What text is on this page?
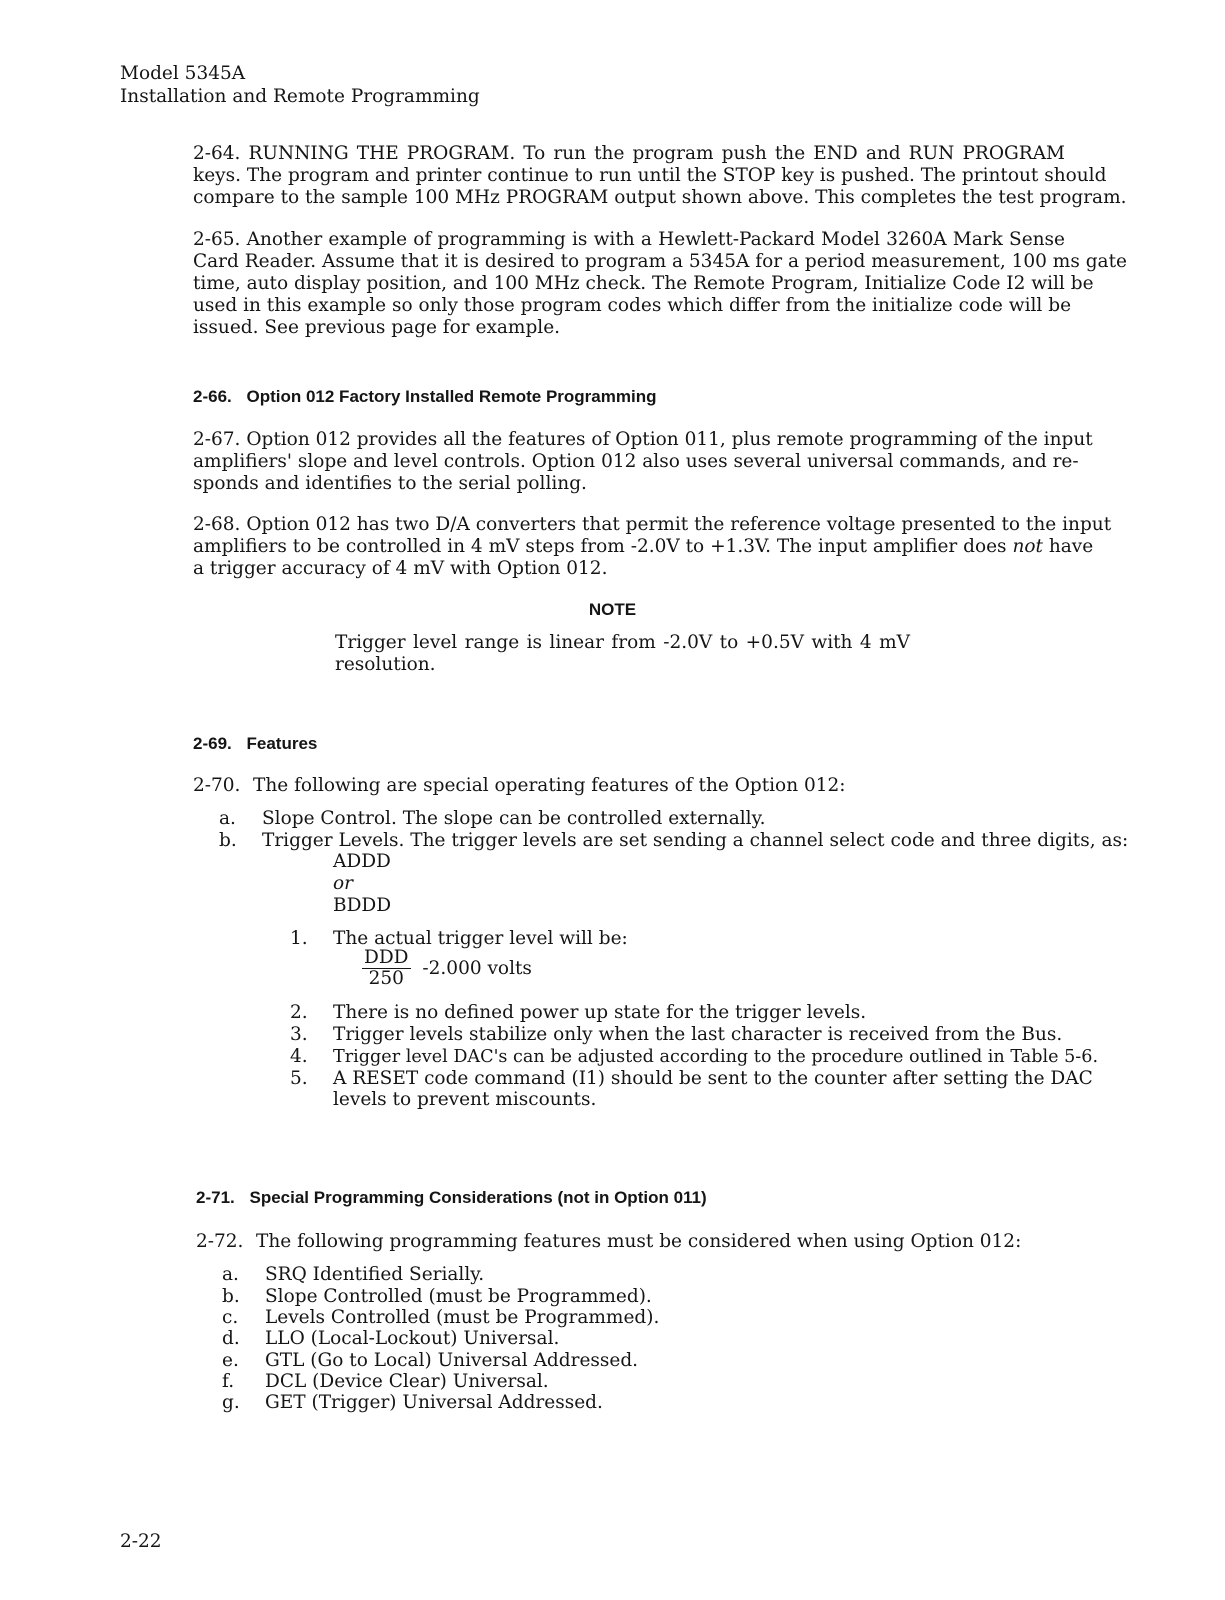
Model 5345A
Installation and Remote Programming
2-64. RUNNING THE PROGRAM. To run the program push the END and RUN PROGRAM
keys. The program and printer continue to run until the STOP key is pushed. The printout should
compare to the sample 100 MHz PROGRAM output shown above. This completes the test program.
2-65. Another example of programming is with a Hewlett-Packard Model 3260A Mark Sense
Card Reader. Assume that it is desired to program a 5345A for a period measurement, 100 ms gate
time, auto display position, and 100 MHz check. The Remote Program, Initialize Code I2 will be
used in this example so only those program codes which differ from the initialize code will be
issued. See previous page for example.
2-66. Option 012 Factory Installed Remote Programming
2-67. Option 012 provides all the features of Option 011, plus remote programming of the input
amplifiers' slope and level controls. Option 012 also uses several universal commands, and re-
sponds and identifies to the serial polling.
2-68. Option 012 has two D/A converters that permit the reference voltage presented to the input
amplifiers to be controlled in 4 mV steps from -2.0V to +1.3V. The input amplifier does not have
a trigger accuracy of 4 mV with Option 012.
NOTE
Trigger level range is linear from -2.0V to +0.5V with 4 mV
resolution.
2-69. Features
2-70. The following are special operating features of the Option 012:
a. Slope Control. The slope can be controlled externally.
b. Trigger Levels. The trigger levels are set sending a channel select code and three digits, as:
ADDD
or
BDDD
1. The actual trigger level will be:
$\frac{\text{DDD}}{250} -2.000$ volts
2. There is no defined power up state for the trigger levels.
3. Trigger levels stabilize only when the last character is received from the Bus.
4. Trigger level DAC's can be adjusted according to the procedure outlined in Table 5-6.
5. A RESET code command (I1) should be sent to the counter after setting the DAC
levels to prevent miscounts.
2-71. Special Programming Considerations (not in Option 011)
2-72. The following programming features must be considered when using Option 012:
a. SRQ Identified Serially.
b. Slope Controlled (must be Programmed).
c. Levels Controlled (must be Programmed).
d. LLO (Local-Lockout) Universal.
e. GTL (Go to Local) Universal Addressed.
f. DCL (Device Clear) Universal.
g. GET (Trigger) Universal Addressed.
2-22
